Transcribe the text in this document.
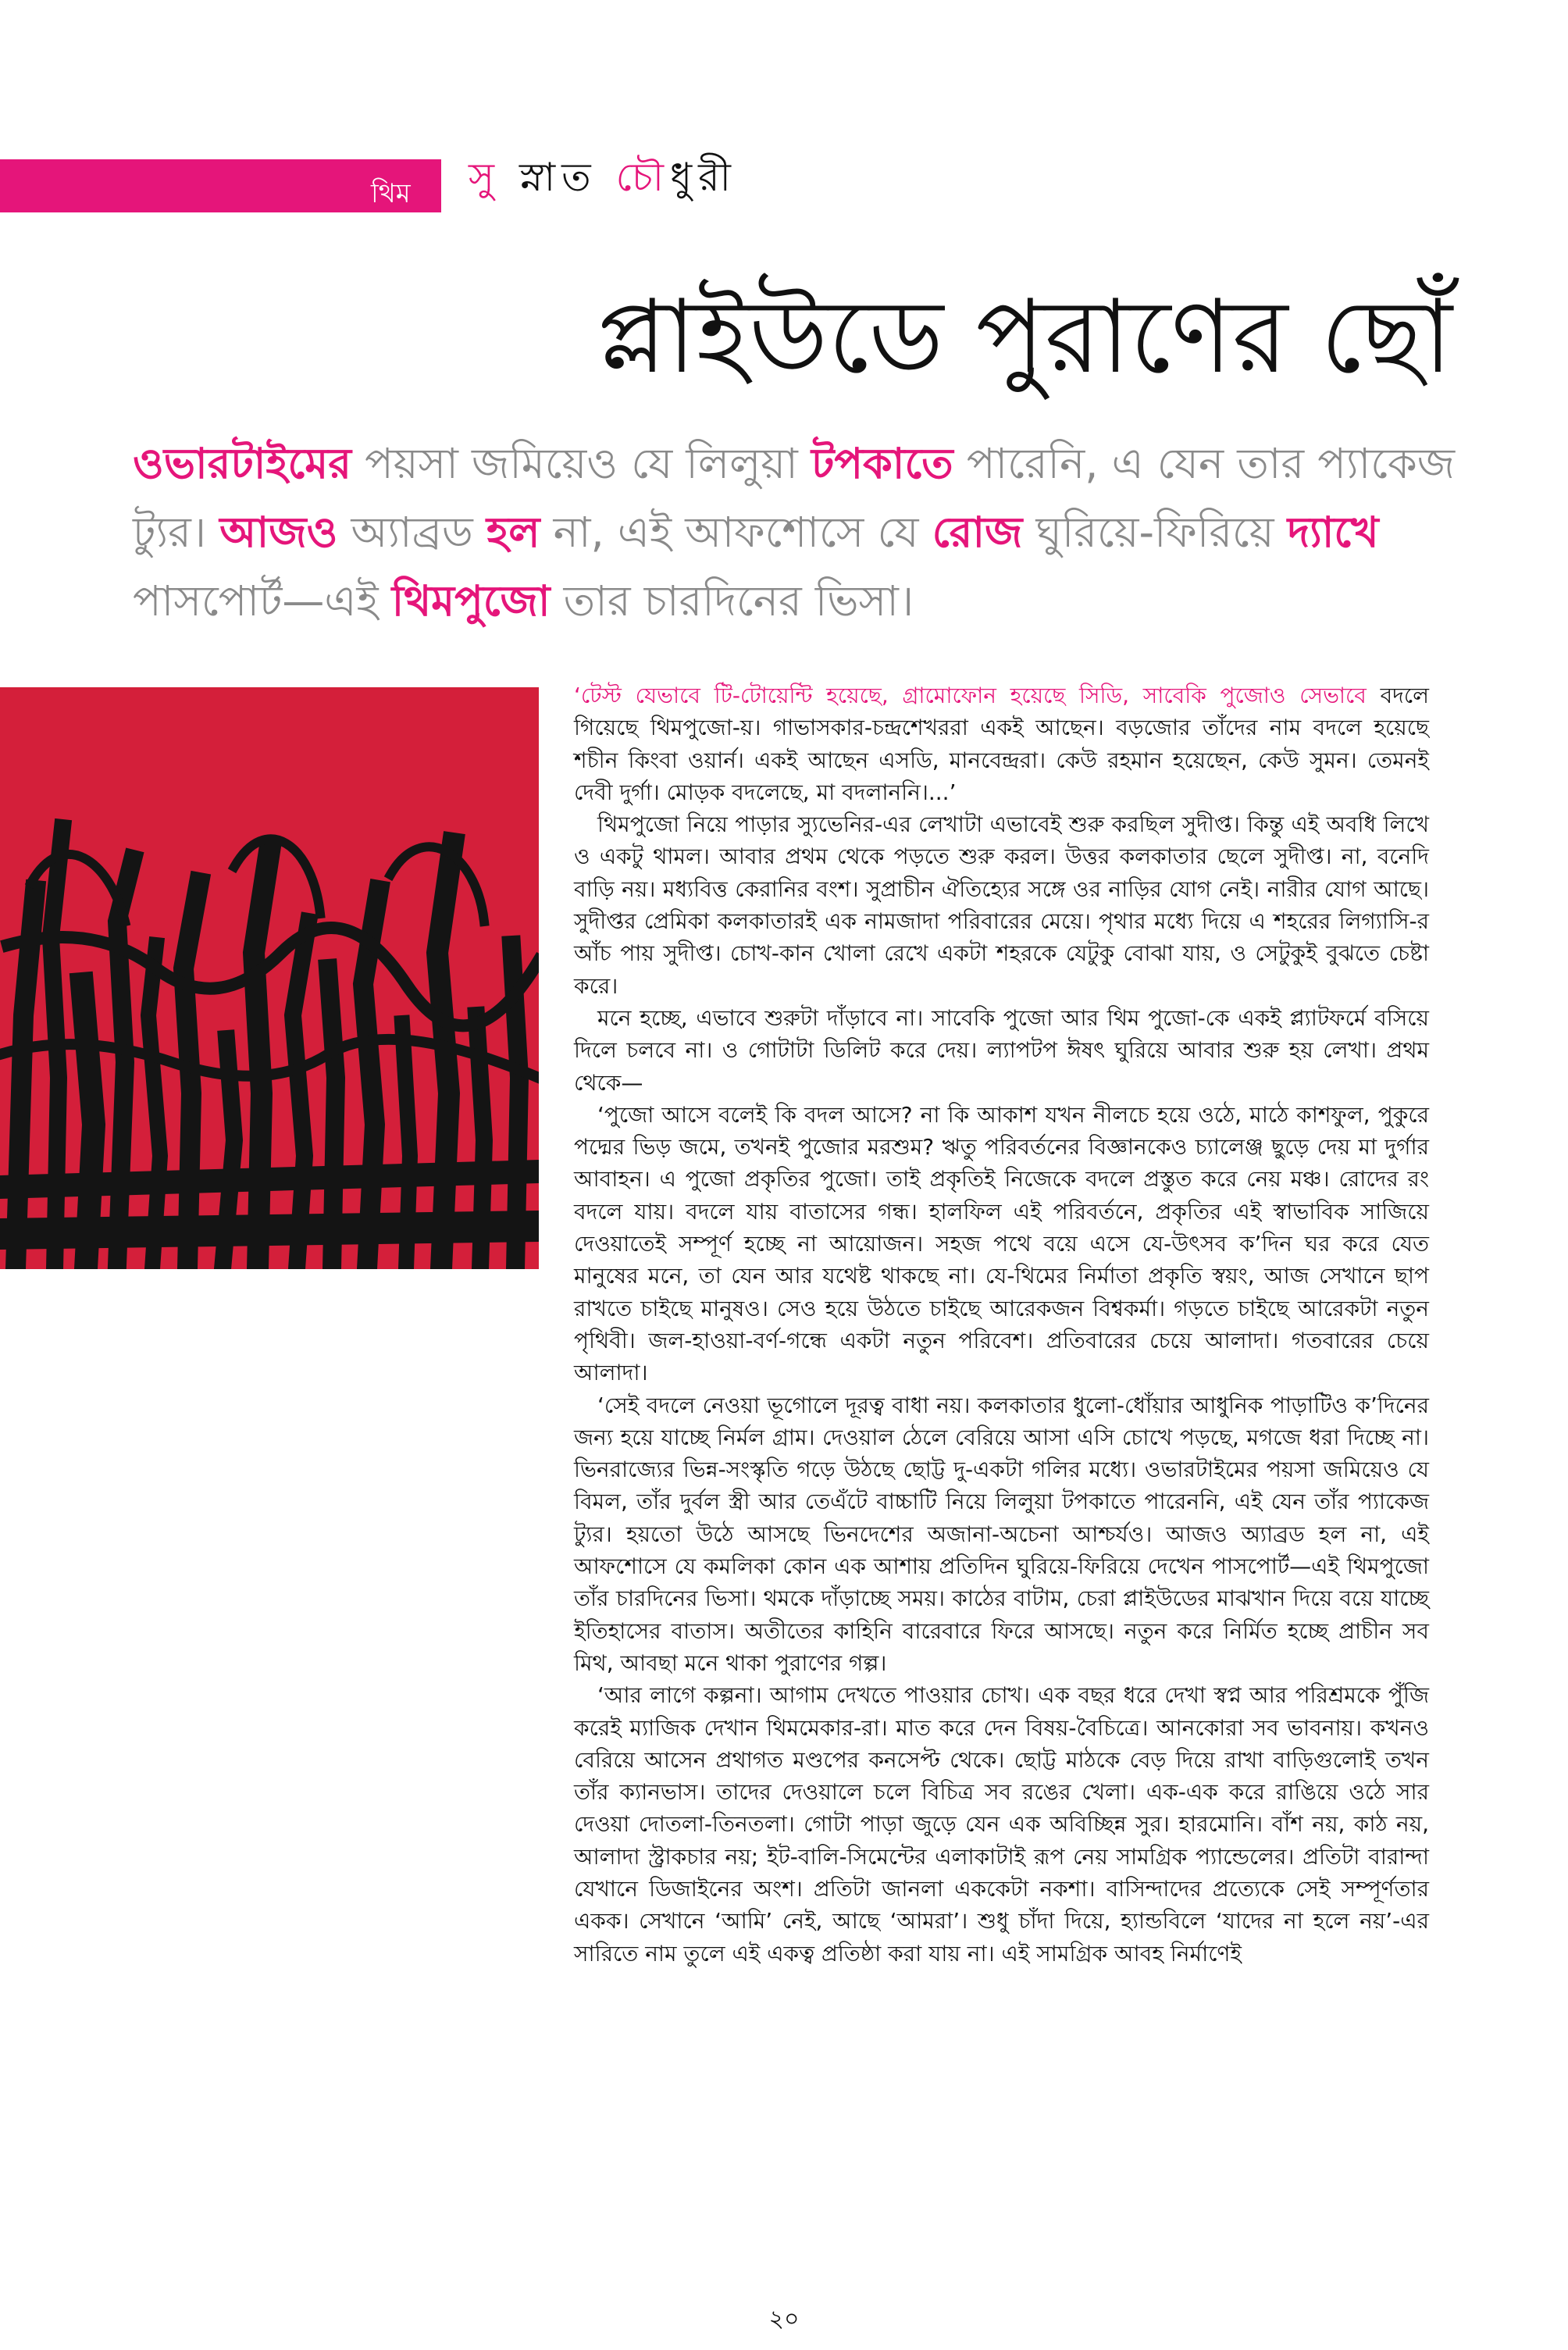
থিম সু স্নাত চৌধুরী
প্লাইউডে পুরাণের ছোঁ

ওভারটাইমের পয়সা জমিয়েও যে লিলুয়া টপকাতে পারেনি, এ যেন তার প্যাকেজ ট্যুর। আজও অ্যাব্রড হল না, এই আফশোসে যে রোজ ঘুরিয়ে-ফিরিয়ে দ্যাখে পাসপোর্ট—এই থিমপুজো তার চারদিনের ভিসা।

‘টেস্ট যেভাবে টি-টোয়েন্টি হয়েছে, গ্রামোফোন হয়েছে সিডি, সাবেকি পুজোও সেভাবে বদলে গিয়েছে থিমপুজো-য়। গাভাসকার-চন্দ্রশেখররা একই আছেন। বড়জোর তাঁদের নাম বদলে হয়েছে শচীন কিংবা ওয়ার্ন। একই আছেন এসডি, মানবেন্দ্ররা। কেউ রহমান হয়েছেন, কেউ সুমন। তেমনই দেবী দুর্গা। মোড়ক বদলেছে, মা বদলাননি।...’

থিমপুজো নিয়ে পাড়ার স্যুভেনির-এর লেখাটা এভাবেই শুরু করছিল সুদীপ্ত। কিন্তু এই অবধি লিখে ও একটু থামল। আবার প্রথম থেকে পড়তে শুরু করল। উত্তর কলকাতার ছেলে সুদীপ্ত। না, বনেদি বাড়ি নয়। মধ্যবিত্ত কেরানির বংশ। সুপ্রাচীন ঐতিহ্যের সঙ্গে ওর নাড়ির যোগ নেই। নারীর যোগ আছে। সুদীপ্তর প্রেমিকা কলকাতারই এক নামজাদা পরিবারের মেয়ে। পৃথার মধ্যে দিয়ে এ শহরের লিগ্যাসি-র আঁচ পায় সুদীপ্ত। চোখ-কান খোলা রেখে একটা শহরকে যেটুকু বোঝা যায়, ও সেটুকুই বুঝতে চেষ্টা করে।

মনে হচ্ছে, এভাবে শুরুটা দাঁড়াবে না। সাবেকি পুজো আর থিম পুজো-কে একই প্ল্যাটফর্মে বসিয়ে দিলে চলবে না। ও গোটাটা ডিলিট করে দেয়। ল্যাপটপ ঈষৎ ঘুরিয়ে আবার শুরু হয় লেখা। প্রথম থেকে—

‘পুজো আসে বলেই কি বদল আসে? না কি আকাশ যখন নীলচে হয়ে ওঠে, মাঠে কাশফুল, পুকুরে পদ্মের ভিড় জমে, তখনই পুজোর মরশুম? ঋতু পরিবর্তনের বিজ্ঞানকেও চ্যালেঞ্জ ছুড়ে দেয় মা দুর্গার আবাহন। এ পুজো প্রকৃতির পুজো। তাই প্রকৃতিই নিজেকে বদলে প্রস্তুত করে নেয় মঞ্চ। রোদের রং বদলে যায়। বদলে যায় বাতাসের গন্ধ। হালফিল এই পরিবর্তনে, প্রকৃতির এই স্বাভাবিক সাজিয়ে দেওয়াতেই সম্পূর্ণ হচ্ছে না আয়োজন। সহজ পথে বয়ে এসে যে-উৎসব ক’দিন ঘর করে যেত মানুষের মনে, তা যেন আর যথেষ্ট থাকছে না। যে-থিমের নির্মাতা প্রকৃতি স্বয়ং, আজ সেখানে ছাপ রাখতে চাইছে মানুষও। সেও হয়ে উঠতে চাইছে আরেকজন বিশ্বকর্মা। গড়তে চাইছে আরেকটা নতুন পৃথিবী। জল-হাওয়া-বর্ণ-গন্ধে একটা নতুন পরিবেশ। প্রতিবারের চেয়ে আলাদা। গতবারের চেয়ে আলাদা।

‘সেই বদলে নেওয়া ভূগোলে দূরত্ব বাধা নয়। কলকাতার ধুলো-ধোঁয়ার আধুনিক পাড়াটিও ক’দিনের জন্য হয়ে যাচ্ছে নির্মল গ্রাম। দেওয়াল ঠেলে বেরিয়ে আসা এসি চোখে পড়ছে, মগজে ধরা দিচ্ছে না। ভিনরাজ্যের ভিন্ন-সংস্কৃতি গড়ে উঠছে ছোট্ট দু-একটা গলির মধ্যে। ওভারটাইমের পয়সা জমিয়েও যে বিমল, তাঁর দুর্বল স্ত্রী আর তেএঁটে বাচ্চাটি নিয়ে লিলুয়া টপকাতে পারেননি, এই যেন তাঁর প্যাকেজ ট্যুর। হয়তো উঠে আসছে ভিনদেশের অজানা-অচেনা আশ্চর্যও। আজও অ্যাব্রড হল না, এই আফশোসে যে কমলিকা কোন এক আশায় প্রতিদিন ঘুরিয়ে-ফিরিয়ে দেখেন পাসপোর্ট—এই থিমপুজো তাঁর চারদিনের ভিসা। থমকে দাঁড়াচ্ছে সময়। কাঠের বাটাম, চেরা প্লাইউডের মাঝখান দিয়ে বয়ে যাচ্ছে ইতিহাসের বাতাস। অতীতের কাহিনি বারেবারে ফিরে আসছে। নতুন করে নির্মিত হচ্ছে প্রাচীন সব মিথ, আবছা মনে থাকা পুরাণের গল্প।

‘আর লাগে কল্পনা। আগাম দেখতে পাওয়ার চোখ। এক বছর ধরে দেখা স্বপ্ন আর পরিশ্রমকে পুঁজি করেই ম্যাজিক দেখান থিমমেকার-রা। মাত করে দেন বিষয়-বৈচিত্রে। আনকোরা সব ভাবনায়। কখনও বেরিয়ে আসেন প্রথাগত মণ্ডপের কনসেপ্ট থেকে। ছোট্ট মাঠকে বেড় দিয়ে রাখা বাড়িগুলোই তখন তাঁর ক্যানভাস। তাদের দেওয়ালে চলে বিচিত্র সব রঙের খেলা। এক-এক করে রাঙিয়ে ওঠে সার দেওয়া দোতলা-তিনতলা। গোটা পাড়া জুড়ে যেন এক অবিচ্ছিন্ন সুর। হারমোনি। বাঁশ নয়, কাঠ নয়, আলাদা স্ট্রাকচার নয়; ইট-বালি-সিমেন্টের এলাকাটাই রূপ নেয় সামগ্রিক প্যান্ডেলের। প্রতিটা বারান্দা যেখানে ডিজাইনের অংশ। প্রতিটা জানলা এককেটা নকশা। বাসিন্দাদের প্রত্যেকে সেই সম্পূর্ণতার একক। সেখানে ‘আমি’ নেই, আছে ‘আমরা’। শুধু চাঁদা দিয়ে, হ্যান্ডবিলে ‘যাদের না হলে নয়’-এর সারিতে নাম তুলে এই একত্ব প্রতিষ্ঠা করা যায় না। এই সামগ্রিক আবহ নির্মাণেই

২০
